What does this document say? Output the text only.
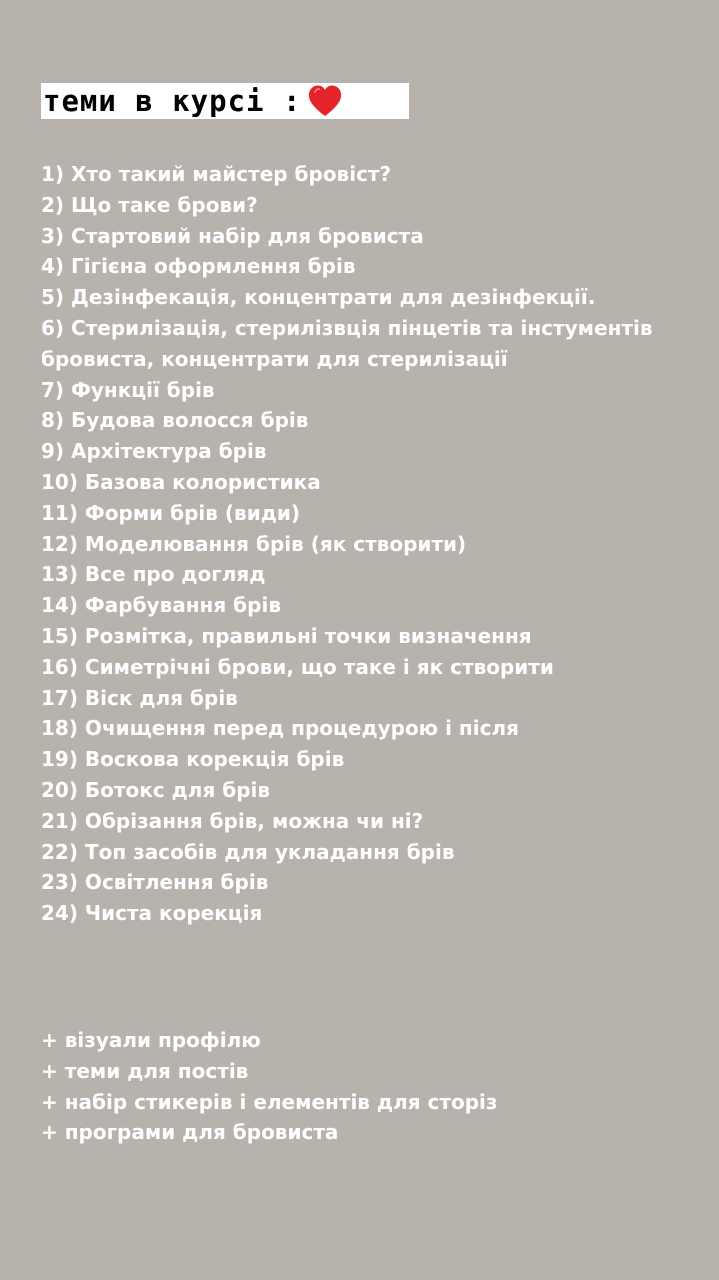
теми в курсі :
1) Хто такий майстер бровіст?
2) Що таке брови?
3) Стартовий набір для бровиста
4) Гігієна оформлення брів
5) Дезінфекація, концентрати для дезінфекції.
6) Стерилізація, стерилізвція пінцетів та інстументів бровиста, концентрати для стерилізації
7) Функції брів
8) Будова волосся брів
9) Архітектура брів
10) Базова колористика
11) Форми брів (види)
12) Моделювання брів (як створити)
13) Все про догляд
14) Фарбування брів
15) Розмітка, правильні точки визначення
16) Симетрічні брови, що таке і як створити
17) Віск для брів
18) Очищення перед процедурою і після
19) Воскова корекція брів
20) Ботокс для брів
21) Обрізання брів, можна чи ні?
22) Топ засобів для укладання брів
23) Освітлення брів
24) Чиста корекція
+ візуали профілю
+ теми для постів
+ набір стикерів і елементів для сторіз
+ програми для бровиста
